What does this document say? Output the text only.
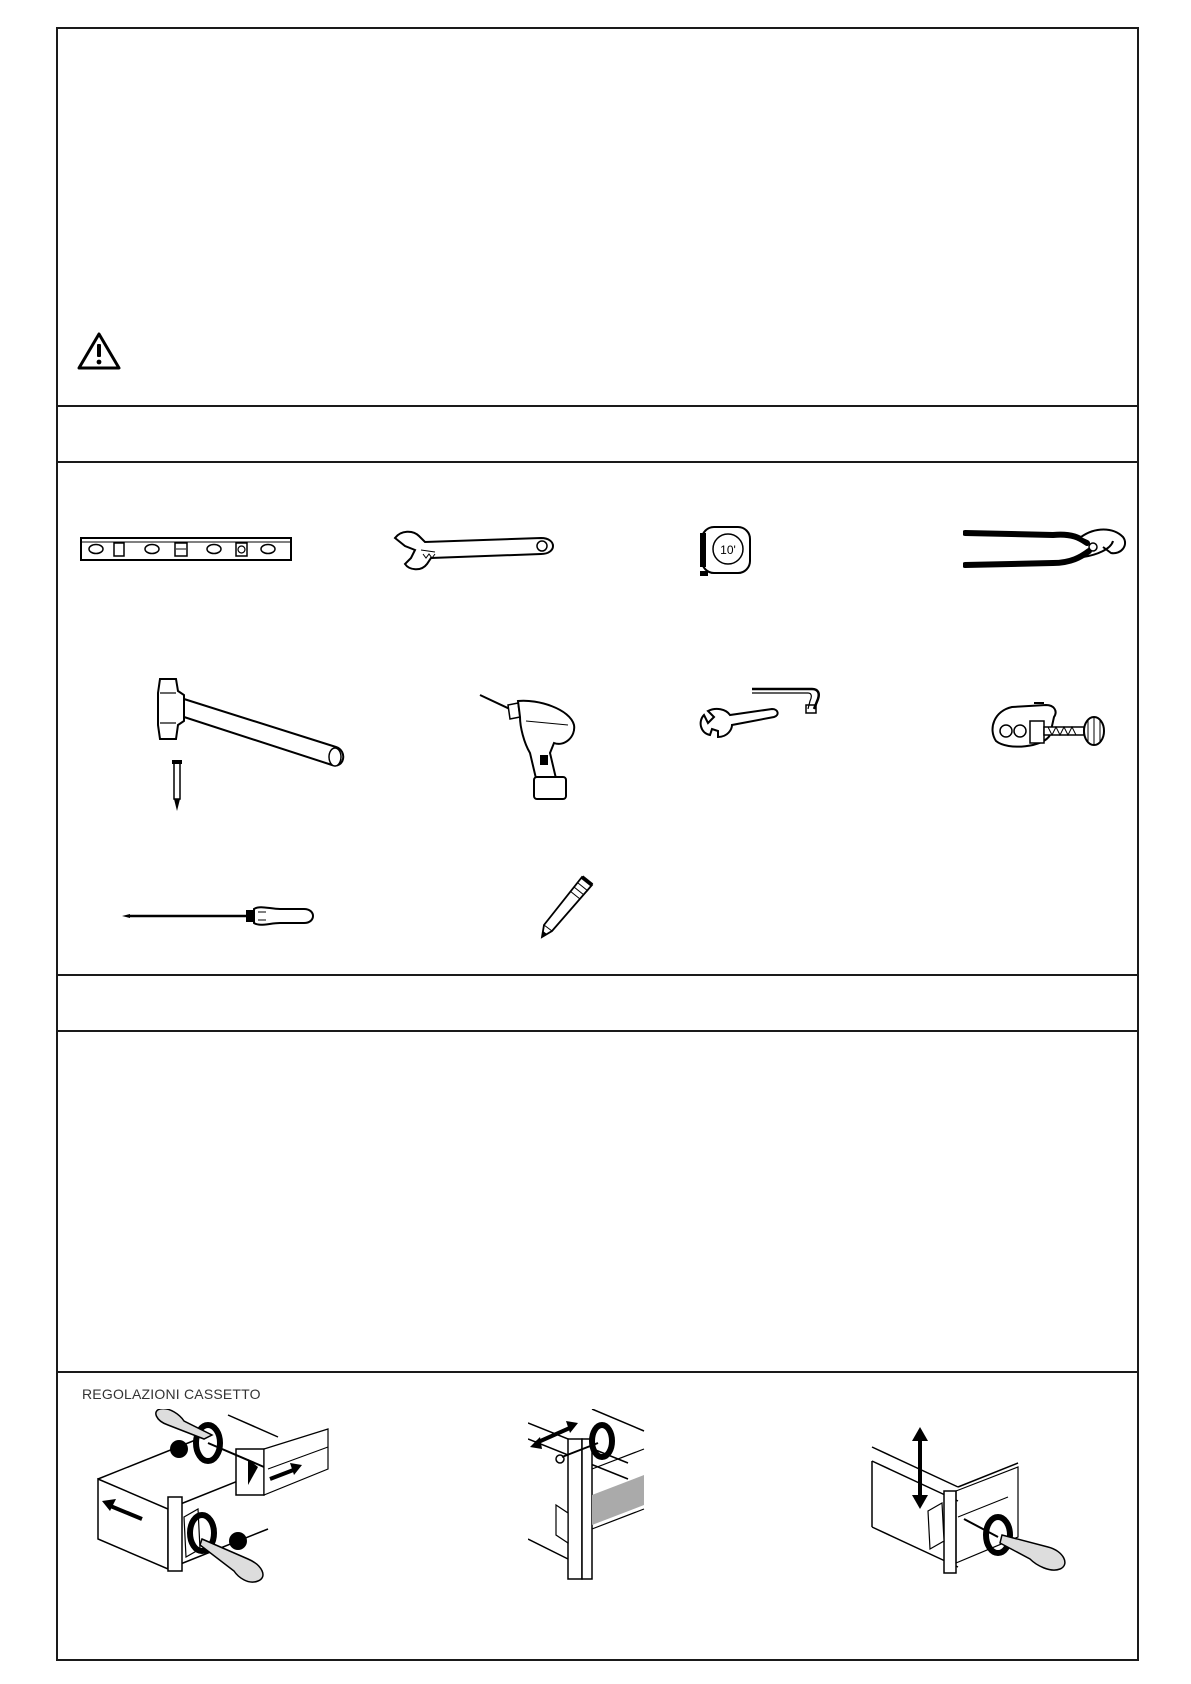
10'
REGOLAZIONI CASSETTO
